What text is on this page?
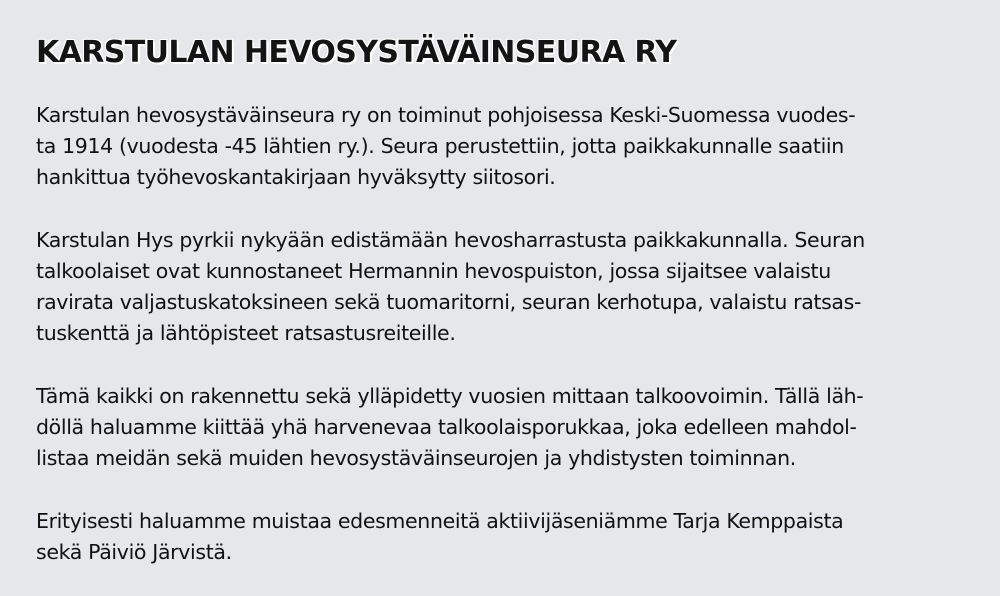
KARSTULAN HEVOSYSTÄVÄINSEURA RY

Karstulan hevosystäväinseura ry on toiminut pohjoisessa Keski-Suomessa vuodes-
ta 1914 (vuodesta -45 lähtien ry.). Seura perustettiin, jotta paikkakunnalle saatiin
hankittua työhevoskantakirjaan hyväksytty siitosori.

Karstulan Hys pyrkii nykyään edistämään hevosharrastusta paikkakunnalla. Seuran
talkoolaiset ovat kunnostaneet Hermannin hevospuiston, jossa sijaitsee valaistu
ravirata valjastuskatoksineen sekä tuomaritorni, seuran kerhotupa, valaistu ratsas-
tuskenttä ja lähtöpisteet ratsastusreiteille.

Tämä kaikki on rakennettu sekä ylläpidetty vuosien mittaan talkoovoimin. Tällä läh-
döllä haluamme kiittää yhä harvenevaa talkoolaisporukkaa, joka edelleen mahdol-
listaa meidän sekä muiden hevosystäväinseurojen ja yhdistysten toiminnan.

Erityisesti haluamme muistaa edesmenneitä aktiivijäseniämme Tarja Kemppaista
sekä Päiviö Järvistä.
